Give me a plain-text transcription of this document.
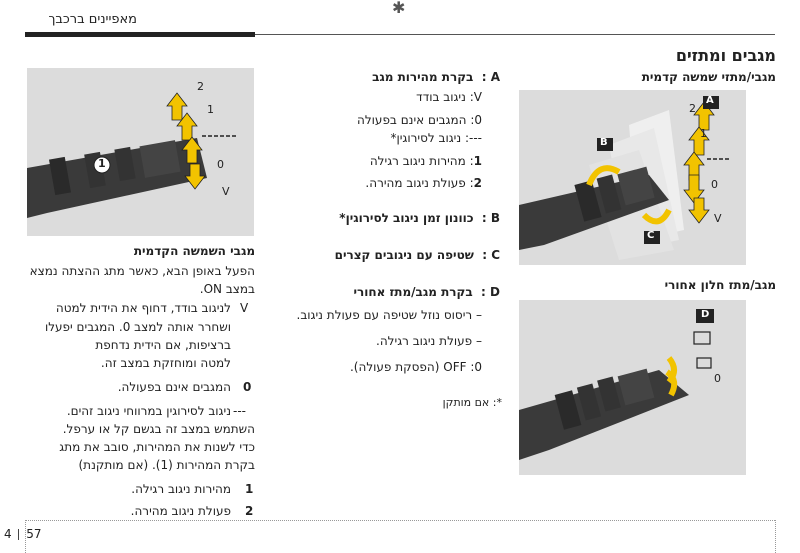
מאפיינים ברכבך
✱
מגבים ומתזים
מגבי/מתזי שמשה קדמית
A
B
C
2
1
0
V
מגב/מתז חלון אחורי
D
0
A :  בקרת מהירות מגב
V: ניגוב בודד
0: המגבים אינם בפעולה
---: ניגוב לסירוגין*
1: מהירות ניגוב רגילה
2: פעולת ניגוב מהירה.
B :  כוונון זמן ניגוב לסירוגין*
C :  שטיפה עם ניגובים קצרים
D :  בקרת מגב/מתז אחורי
– ריסוס נוזל שטיפה עם פעולת ניגוב.
– פעולת ניגוב רגילה.
0: OFF (הפסקת פעולה).
*: אם מותקן
1
2
1
0
V
מגבי השמשה הקדמית
הפעל באופן הבא, כאשר מתג ההצתה נמצא
במצב ON.
V
לניגוב בודד, דחוף את הידית למטה
ושחרר אותה למצב 0. המגבים יפעלו
ברציפות, אם הידית נדחפת
למטה ומוחזקת במצב זה.
0
המגבים אינם בפעולה.
---
ניגוב לסירוגין במרווחי ניגוב זהים.
השתמש במצב זה בגשם קל או ערפל.
כדי לשנות את המהירות, סובב את מתג
בקרת המהירות (1). (אם מותקנת)
1
מהירות ניגוב רגילה.
2
פעולת ניגוב מהירה.
4 57
